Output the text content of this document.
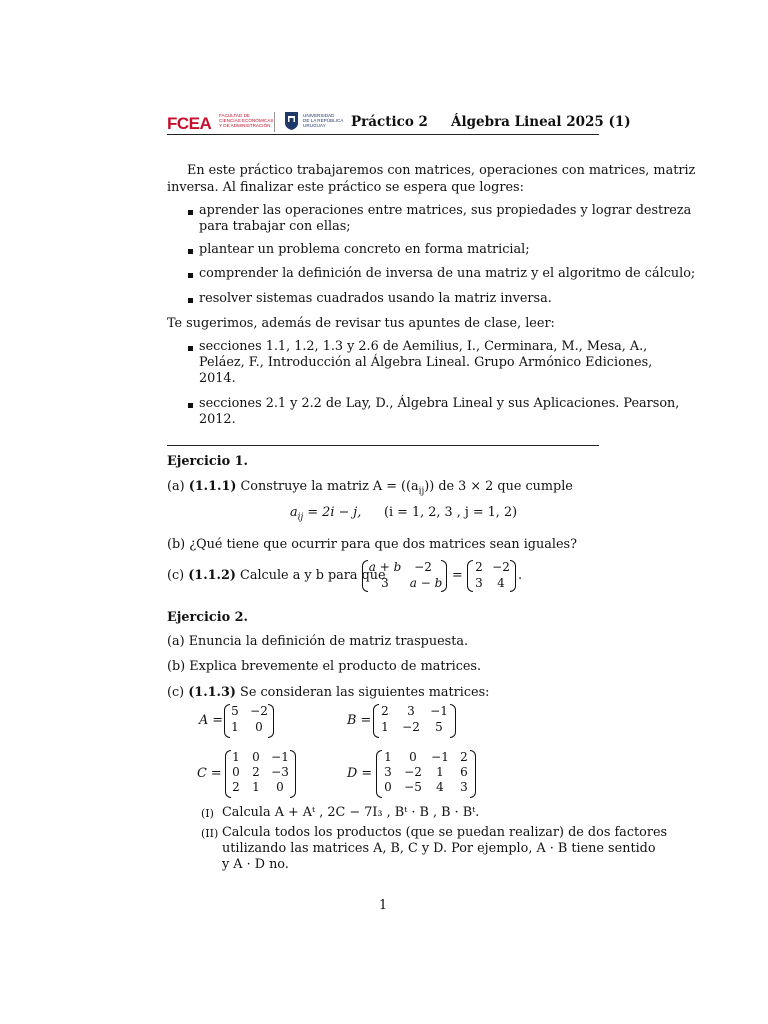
FCEA FACULTAD DE
CIENCIAS ECONÓMICAS
Y DE ADMINISTRACIÓN
UNIVERSIDAD
DE LA REPÚBLICA
URUGUAY	Práctico 2 Álgebra Lineal 2025 (1)
En este práctico trabajaremos con matrices, operaciones con matrices, matriz
inversa. Al finalizar este práctico se espera que logres:
aprender las operaciones entre matrices, sus propiedades y lograr destreza
para trabajar con ellas;
plantear un problema concreto en forma matricial;
comprender la definición de inversa de una matriz y el algoritmo de cálculo;
resolver sistemas cuadrados usando la matriz inversa.
Te sugerimos, además de revisar tus apuntes de clase, leer:
secciones 1.1, 1.2, 1.3 y 2.6 de Aemilius, I., Cerminara, M., Mesa, A.,
Peláez, F., Introducción al Álgebra Lineal. Grupo Armónico Ediciones,
2014.
secciones 2.1 y 2.2 de Lay, D., Álgebra Lineal y sus Aplicaciones. Pearson,
2012.
Ejercicio 1.
(a) (1.1.1) Construye la matriz $A = ((a_{ij}))$ de 3 × 2 que cumple
$a_{ij} = 2i - j$, (i = 1, 2, 3 , j = 1, 2)
(b) ¿Qué tiene que ocurrir para que dos matrices sean iguales?
(c) (1.1.2) Calcule a y b para que
a + b	−2
3	a − b =
2 −2
3	4	.
Ejercicio 2.
(a) Enuncia la definición de matriz traspuesta.
(b) Explica brevemente el producto de matrices.
(c) (1.1.3) Se consideran las siguientes matrices:
A =
5 −2
1	0	B =
2	3	−1
1	−2	5
C =
1	0 −1
0	2 −3
2	1	0
D =
1	0	−1 2
3	−2	1	6
0	−5	4	3
(I) Calcula A + Aᵗ , 2C − 7I₃ , Bᵗ · B , B · Bᵗ.
(II) Calcula todos los productos (que se puedan realizar) de dos factores
utilizando las matrices A, B, C y D. Por ejemplo, A · B tiene sentido
y A · D no.
1
